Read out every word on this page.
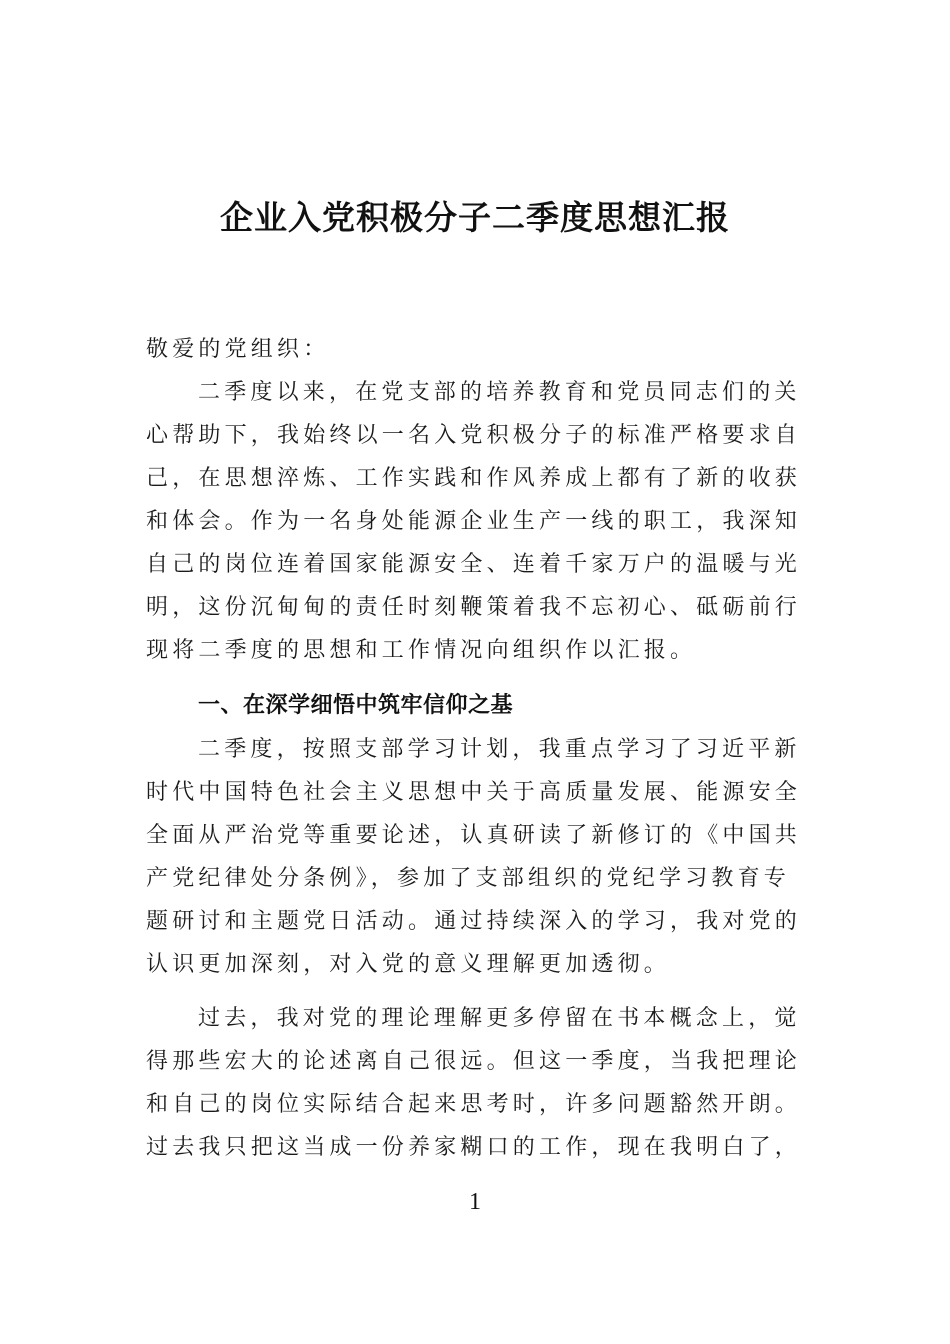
企业入党积极分子二季度思想汇报
敬爱的党组织：
二季度以来，在党支部的培养教育和党员同志们的关心帮助下，我始终以一名入党积极分子的标准严格要求自己，在思想淬炼、工作实践和作风养成上都有了新的收获和体会。作为一名身处能源企业生产一线的职工，我深知自己的岗位连着国家能源安全、连着千家万户的温暖与光明，这份沉甸甸的责任时刻鞭策着我不忘初心、砥砺前行现将二季度的思想和工作情况向组织作以汇报。
一、在深学细悟中筑牢信仰之基
二季度，按照支部学习计划，我重点学习了习近平新时代中国特色社会主义思想中关于高质量发展、能源安全全面从严治党等重要论述，认真研读了新修订的《中国共产党纪律处分条例》，参加了支部组织的党纪学习教育专题研讨和主题党日活动。通过持续深入的学习，我对党的认识更加深刻，对入党的意义理解更加透彻。
过去，我对党的理论理解更多停留在书本概念上，觉得那些宏大的论述离自己很远。但这一季度，当我把理论和自己的岗位实际结合起来思考时，许多问题豁然开朗。过去我只把这当成一份养家糊口的工作，现在我明白了，
1
